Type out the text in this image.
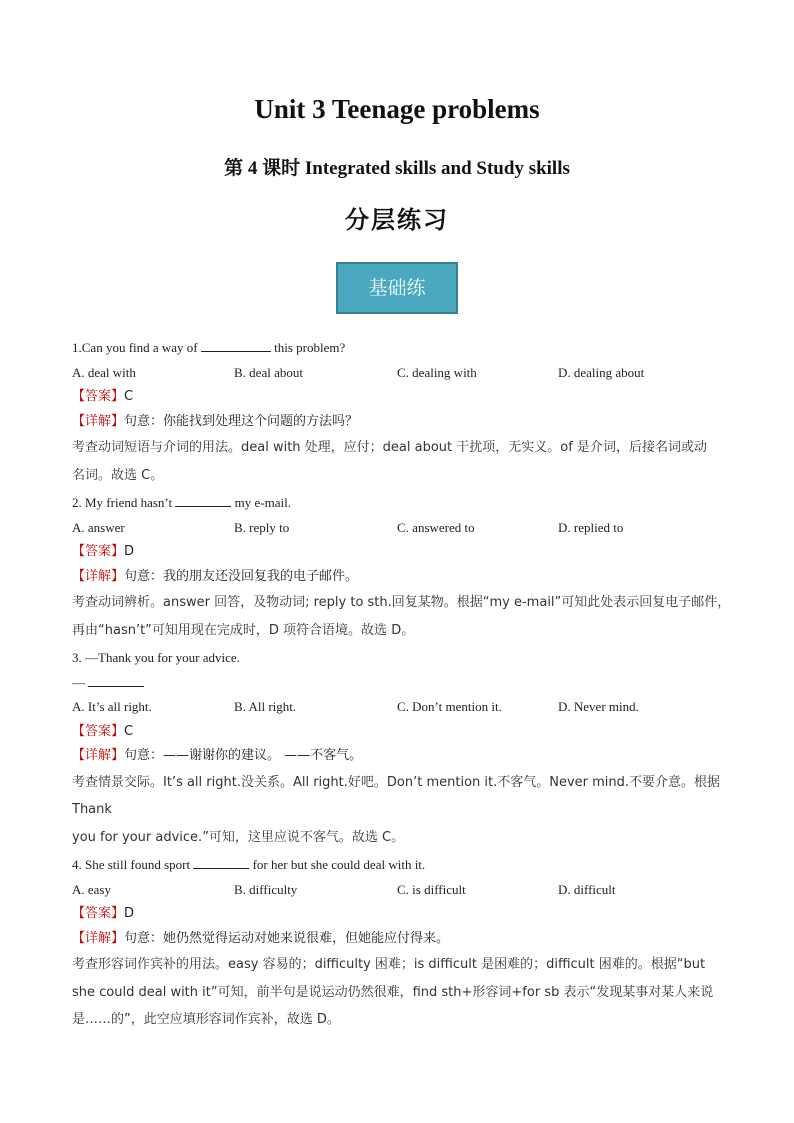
Unit 3 Teenage problems
第 4 课时 Integrated skills and Study skills
分层练习
基础练
1.Can you find a way of	this problem?
A. deal with	B. deal about	C. dealing with	D. dealing about
【答案】C
【详解】句意：你能找到处理这个问题的方法吗？
考查动词短语与介词的用法。deal with 处理，应付；deal about 干扰项，无实义。of 是介词，后接名词或动
名词。故选 C。
2. My friend hasn’t	my e-mail.
A. answer	B. reply to	C. answered to	D. replied to
【答案】D
【详解】句意：我的朋友还没回复我的电子邮件。
考查动词辨析。answer 回答，及物动词; reply to sth.回复某物。根据“my e-mail”可知此处表示回复电子邮件，
再由“hasn’t”可知用现在完成时，D 项符合语境。故选 D。
3. —Thank you for your advice.
—
A. It’s all right.	B. All right.	C. Don’t mention it.	D. Never mind.
【答案】C
【详解】句意：——谢谢你的建议。 ——不客气。
考查情景交际。It’s all right.没关系。All right.好吧。Don’t mention it.不客气。Never mind.不要介意。根据Thank
you for your advice.”可知，这里应说不客气。故选 C。
4. She still found sport	for her but she could deal with it.
A. easy	B. difficulty	C. is difficult	D. difficult
【答案】D
【详解】句意：她仍然觉得运动对她来说很难，但她能应付得来。
考查形容词作宾补的用法。easy 容易的；difficulty 困难；is difficult 是困难的；difficult 困难的。根据“but
she could deal with it”可知，前半句是说运动仍然很难，find sth+形容词+for sb 表示“发现某事对某人来说
是……的”，此空应填形容词作宾补，故选 D。
